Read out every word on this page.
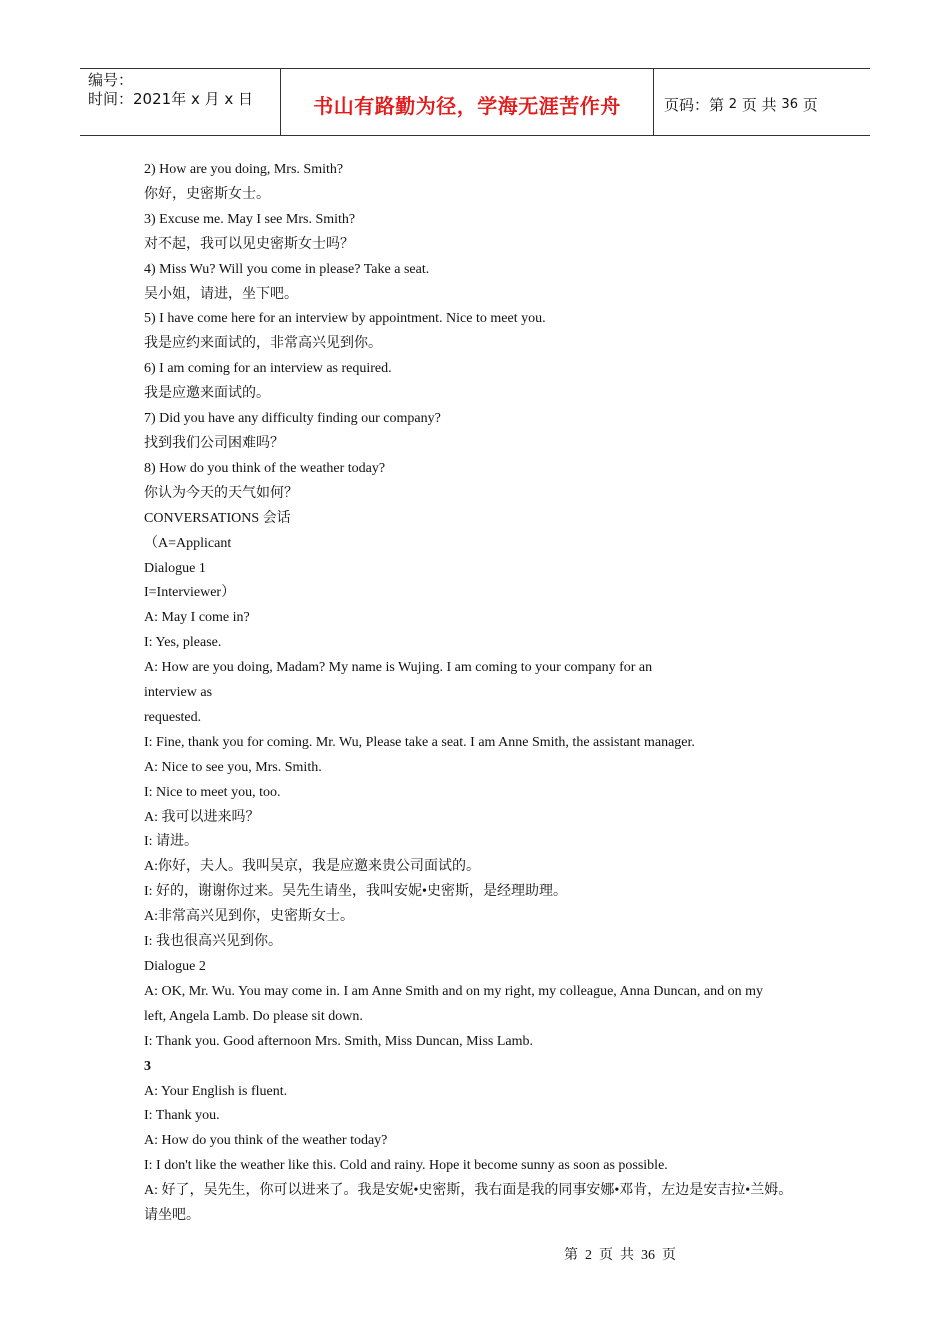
编号：
时间：2021年 x 月 x 日	书山有路勤为径，学海无涯苦作舟	页码：第
2
页 共
36
页
2) How are you doing, Mrs. Smith?
你好，史密斯女士。
3) Excuse me. May I see Mrs. Smith?
对不起，我可以见史密斯女士吗？
4) Miss Wu? Will you come in please? Take a seat.
吴小姐，请进，坐下吧。
5) I have come here for an interview by appointment. Nice to meet you.
我是应约来面试的，非常高兴见到你。
6) I am coming for an interview as required.
我是应邀来面试的。
7) Did you have any difficulty finding our company?
找到我们公司困难吗？
8) How do you think of the weather today?
你认为今天的天气如何？
CONVERSATIONS 会话
（A=Applicant
Dialogue 1
I=Interviewer）
A: May I come in?
I: Yes, please.
A: How are you doing, Madam? My name is Wujing. I am coming to your company for an
interview as
requested.
I: Fine, thank you for coming. Mr. Wu, Please take a seat. I am Anne Smith, the assistant manager.
A: Nice to see you, Mrs. Smith.
I: Nice to meet you, too.
A: 我可以进来吗？
I: 请进。
A:你好，夫人。我叫吴京，我是应邀来贵公司面试的。
I: 好的，谢谢你过来。吴先生请坐，我叫安妮•史密斯，是经理助理。
A:非常高兴见到你，史密斯女士。
I: 我也很高兴见到你。
Dialogue 2
A: OK, Mr. Wu. You may come in. I am Anne Smith and on my right, my colleague, Anna Duncan, and on my
left, Angela Lamb. Do please sit down.
I: Thank you. Good afternoon Mrs. Smith, Miss Duncan, Miss Lamb.
3
A: Your English is fluent.
I: Thank you.
A: How do you think of the weather today?
I: I don't like the weather like this. Cold and rainy. Hope it become sunny as soon as possible.
A: 好了，吴先生，你可以进来了。我是安妮•史密斯，我右面是我的同事安娜•邓肯，左边是安吉拉•兰姆。
请坐吧。
第  2  页  共  36  页
